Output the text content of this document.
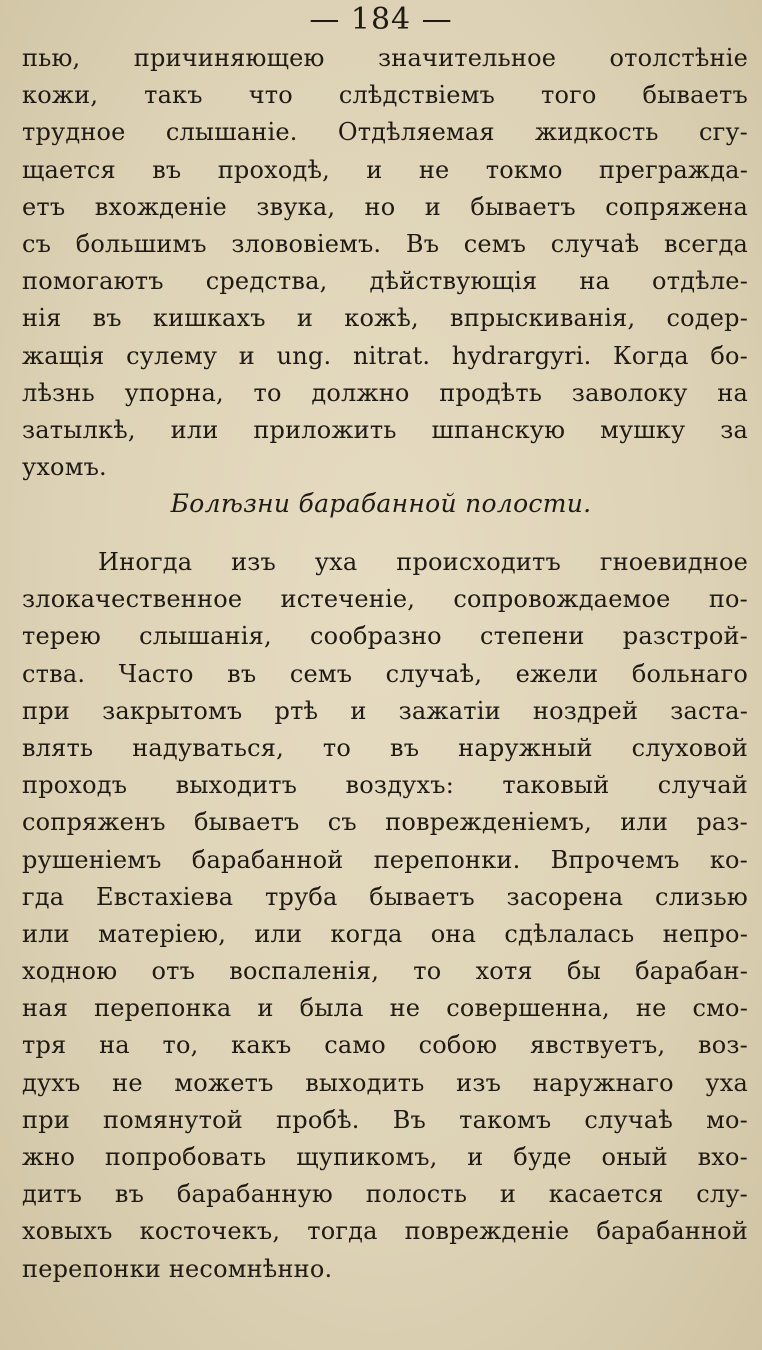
— 184 —
пью, причиняющею значительное отолстѣніе
кожи, такъ что слѣдствіемъ того бываетъ
трудное слышаніе. Отдѣляемая жидкость сгу-
щается въ проходѣ, и не токмо преграждa-
етъ вхожденіе звука, но и бываетъ сопряжена
съ большимъ злововіемъ. Въ семъ случаѣ всегда
помогаютъ средства, дѣйствующія на отдѣле-
нія въ кишкахъ и кожѣ, впрыскиванія, содер-
жащія сулему и ung. nitrat. hydrargyri. Когда бо-
лѣзнь упорна, то должно продѣть заволоку на
затылкѣ, или приложить шпанскую мушку за
ухомъ.
Болѣзни барабанной полости.
Иногда изъ уха происходитъ гноевидное
злокачественное истеченіе, сопровождаемое по-
терею слышанія, сообразно степени разстрой-
ства. Часто въ семъ случаѣ, ежели больнаго
при закрытомъ ртѣ и зажатіи ноздрей заста-
влять надуваться, то въ наружный слуховой
проходъ выходитъ воздухъ: таковый случай
сопряженъ бываетъ съ поврежденіемъ, или раз-
рушеніемъ барабанной перепонки. Впрочемъ ко-
гда Евстахіева труба бываетъ засорена слизью
или матеріею, или когда она сдѣлалась непро-
ходною отъ воспаленія, то хотя бы барабан-
ная перепонка и была не совершенна, не смо-
тря на то, какъ само собою явствуетъ, воз-
духъ не можетъ выходить изъ наружнаго уха
при помянутой пробѣ. Въ такомъ случаѣ мо-
жно попробовать щупикомъ, и буде оный вхо-
дитъ въ барабанную полость и касается слу-
ховыхъ косточекъ, тогда поврежденіе барабанной
перепонки несомнѣнно.
